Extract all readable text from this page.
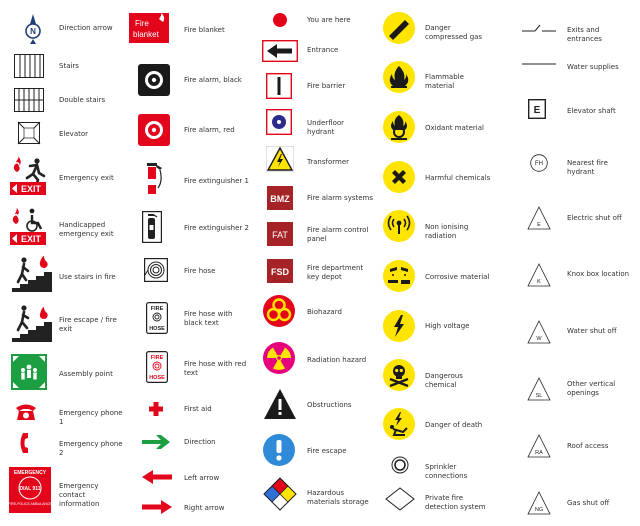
N	Direction arrow
Stairs
Double stairs
Elevator
EXIT
Emergency exit
EXIT
Handicapped emergency exit
Use stairs in fire
Fire escape / fire exit
Assembly point
Emergency phone 1
Emergency phone 2
EMERGENCY
DIAL 911
FIRE-POLICE AMBULANCE
Emergency contact information
Fire
blanket	Fire blanket
Fire alarm, black
Fire alarm, red
Fire extinguisher 1
Fire extinguisher 2
Fire hose
FIRE
HOSE
Fire hose with black text
FIRE
HOSE
Fire hose with red text
First aid
Direction
Left arrow
Right arrow
You are here
Entrance
Fire barrier
Underfloor hydrant
Transformer
BMZ Fire alarm systems
FAT	Fire alarm control panel
FSD	Fire department key depot
Biohazard
Radiation hazard
Obstructions
Fire escape
Hazardous materials storage
Danger compressed gas
Flammable material
Oxidant material
Harmful chemicals
Non ionising radiation
Corrosive material
High voltage
Dangerous chemical
Danger of death
Sprinkler connections
Private fire detection system
Exits and entrances
Water supplies
E	Elevator shaft
FH	Nearest fire hydrant
E
Electric shut off
K
Knox box location
W
Water shut off
SL
Other vertical openings
RA
Roof access
NG
Gas shut off
